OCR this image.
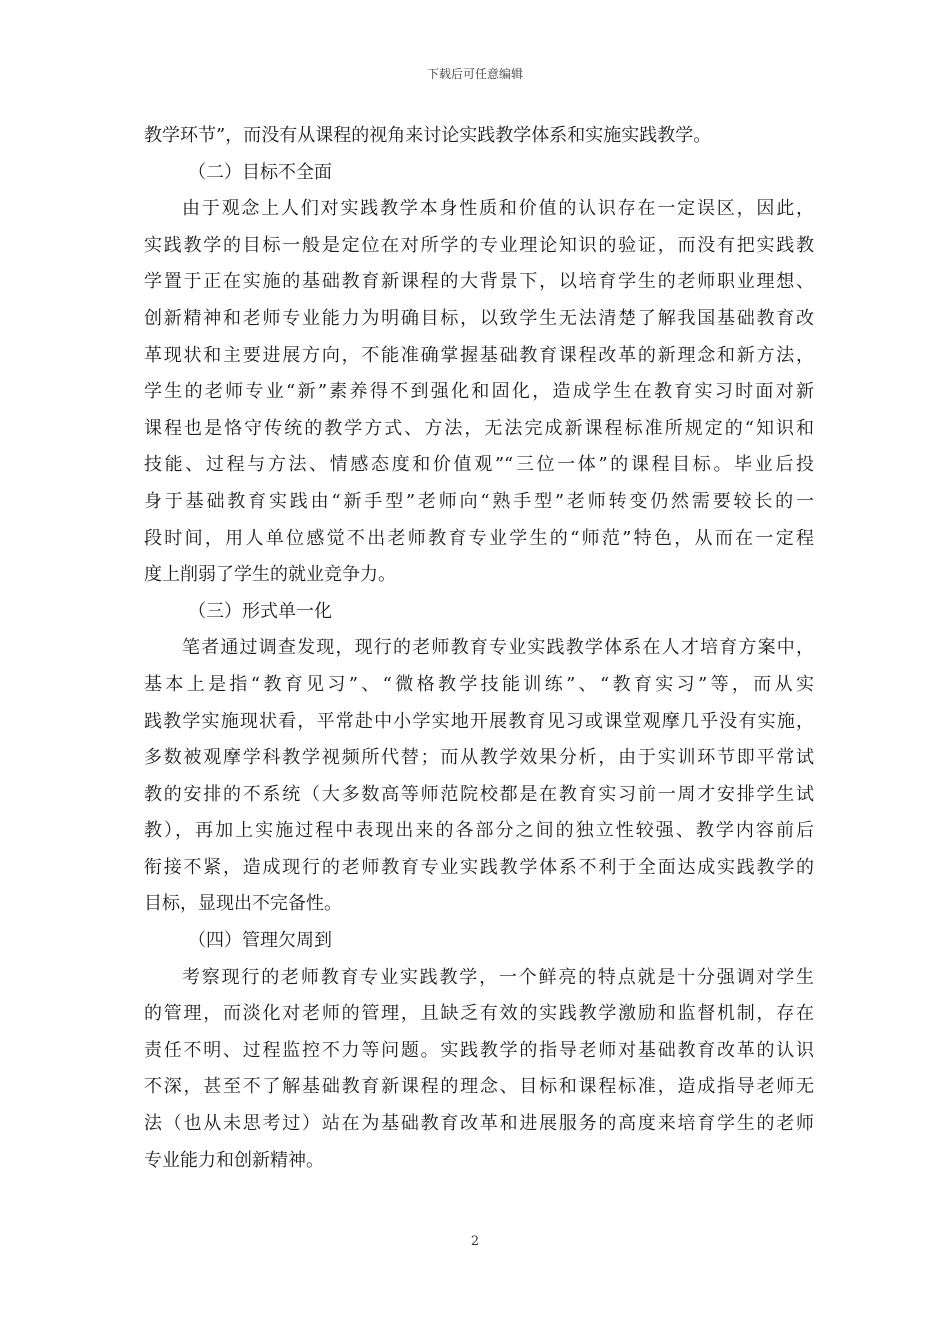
下载后可任意编辑
教学环节”，而没有从课程的视角来讨论实践教学体系和实施实践教学。
（二）目标不全面
由于观念上人们对实践教学本身性质和价值的认识存在一定误区，因此，
实践教学的目标一般是定位在对所学的专业理论知识的验证，而没有把实践教
学置于正在实施的基础教育新课程的大背景下，以培育学生的老师职业理想、
创新精神和老师专业能力为明确目标，以致学生无法清楚了解我国基础教育改
革现状和主要进展方向，不能准确掌握基础教育课程改革的新理念和新方法，
学生的老师专业“新”素养得不到强化和固化，造成学生在教育实习时面对新
课程也是恪守传统的教学方式、方法，无法完成新课程标准所规定的“知识和
技能、过程与方法、情感态度和价值观”“三位一体”的课程目标。毕业后投
身于基础教育实践由“新手型”老师向“熟手型”老师转变仍然需要较长的一
段时间，用人单位感觉不出老师教育专业学生的“师范”特色，从而在一定程
度上削弱了学生的就业竞争力。
（三）形式单一化
笔者通过调查发现，现行的老师教育专业实践教学体系在人才培育方案中，
基本上是指“教育见习”、“微格教学技能训练”、“教育实习”等，而从实
践教学实施现状看，平常赴中小学实地开展教育见习或课堂观摩几乎没有实施，
多数被观摩学科教学视频所代替；而从教学效果分析，由于实训环节即平常试
教的安排的不系统（大多数高等师范院校都是在教育实习前一周才安排学生试
教），再加上实施过程中表现出来的各部分之间的独立性较强、教学内容前后
衔接不紧，造成现行的老师教育专业实践教学体系不利于全面达成实践教学的
目标，显现出不完备性。
（四）管理欠周到
考察现行的老师教育专业实践教学，一个鲜亮的特点就是十分强调对学生
的管理，而淡化对老师的管理，且缺乏有效的实践教学激励和监督机制，存在
责任不明、过程监控不力等问题。实践教学的指导老师对基础教育改革的认识
不深，甚至不了解基础教育新课程的理念、目标和课程标准，造成指导老师无
法（也从未思考过）站在为基础教育改革和进展服务的高度来培育学生的老师
专业能力和创新精神。
2
